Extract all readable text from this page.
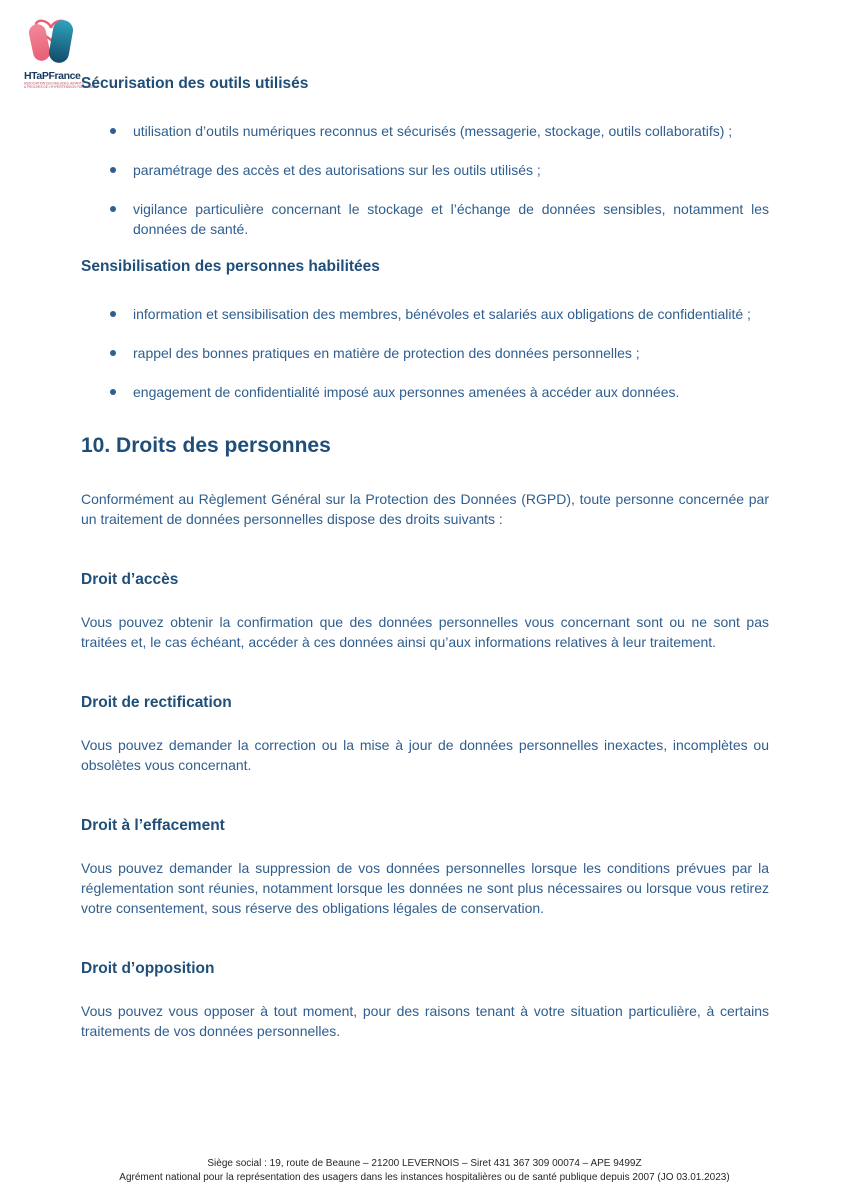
HTaPFrance
ASSOCIATION DES MALADES, AIDANTS
& PROCHES DE L’HYPERTENSION PULMONAIRE
Sécurisation des outils utilisés
utilisation d’outils numériques reconnus et sécurisés (messagerie, stockage, outils collaboratifs) ;
paramétrage des accès et des autorisations sur les outils utilisés ;
vigilance particulière concernant le stockage et l’échange de données sensibles, notamment les données de santé.
Sensibilisation des personnes habilitées
information et sensibilisation des membres, bénévoles et salariés aux obligations de confidentialité ;
rappel des bonnes pratiques en matière de protection des données personnelles ;
engagement de confidentialité imposé aux personnes amenées à accéder aux données.
10. Droits des personnes

Conformément au Règlement Général sur la Protection des Données (RGPD), toute personne concernée par un traitement de données personnelles dispose des droits suivants :

Droit d’accès

Vous pouvez obtenir la confirmation que des données personnelles vous concernant sont ou ne sont pas traitées et, le cas échéant, accéder à ces données ainsi qu’aux informations relatives à leur traitement.

Droit de rectification

Vous pouvez demander la correction ou la mise à jour de données personnelles inexactes, incomplètes ou obsolètes vous concernant.

Droit à l’effacement

Vous pouvez demander la suppression de vos données personnelles lorsque les conditions prévues par la réglementation sont réunies, notamment lorsque les données ne sont plus nécessaires ou lorsque vous retirez votre consentement, sous réserve des obligations légales de conservation.

Droit d’opposition

Vous pouvez vous opposer à tout moment, pour des raisons tenant à votre situation particulière, à certains traitements de vos données personnelles.

Siège social : 19, route de Beaune – 21200 LEVERNOIS – Siret 431 367 309 00074 – APE 9499Z
Agrément national pour la représentation des usagers dans les instances hospitalières ou de santé publique depuis 2007 (JO 03.01.2023)
